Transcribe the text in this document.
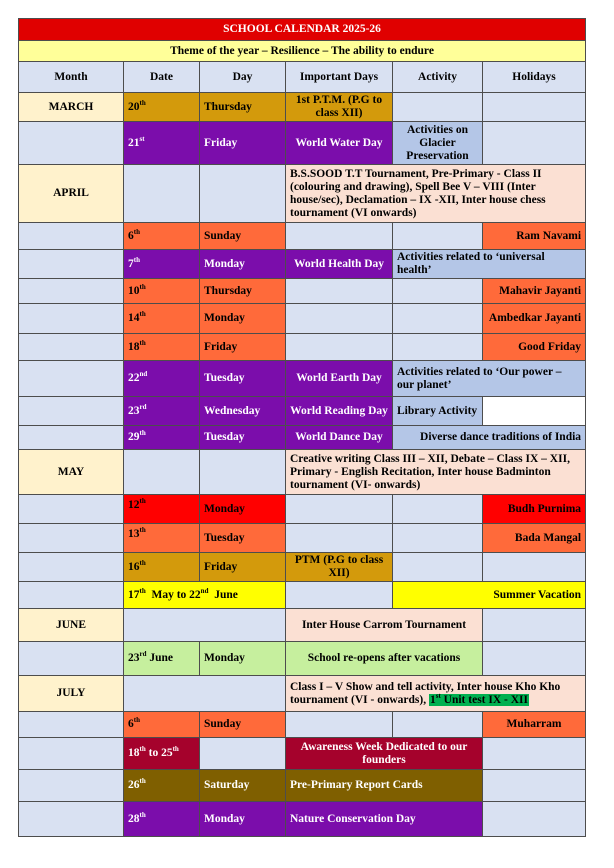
SCHOOL CALENDAR 2025-26					
Theme of the year – Resilience – The ability to endure					
Month	Date	Day	Important Days	Activity	Holidays
MARCH	20th	Thursday	1st P.T.M. (P.G to class XII)		
	21st	Friday	World Water Day	Activities on Glacier Preservation	
APRIL			B.S.SOOD T.T Tournament, Pre-Primary - Class II (colouring and drawing), Spell Bee V – VIII (Inter house/sec), Declamation – IX -XII, Inter house chess tournament (VI onwards)		
	6th	Sunday			Ram Navami
	7th	Monday	World Health Day	Activities related to ‘universal health’	
	10th	Thursday			Mahavir Jayanti
	14th	Monday			Ambedkar Jayanti
	18th	Friday			Good Friday
	22nd	Tuesday	World Earth Day	Activities related to ‘Our power – our planet’	
	23rd	Wednesday	World Reading Day	Library Activity	
	29th	Tuesday	World Dance Day	Diverse dance traditions of India	
MAY			Creative writing Class III – XII, Debate – Class IX – XII, Primary - English Recitation, Inter house Badminton tournament (VI- onwards)		
	12th	Monday			Budh Purnima
	13th	Tuesday			Bada Mangal
	16th	Friday	PTM (P.G to class XII)		
	17th  May to 22nd  June			Summer Vacation	
JUNE			Inter House Carrom Tournament		
	23rd June	Monday	School re-opens after vacations		
JULY			Class I – V Show and tell activity, Inter house Kho Kho tournament (VI - onwards), 1st Unit test IX - XII		
	6th	Sunday			Muharram
	18th to 25th		Awareness Week Dedicated to our founders		
	26th	Saturday	Pre-Primary Report Cards		
	28th	Monday	Nature Conservation Day		
